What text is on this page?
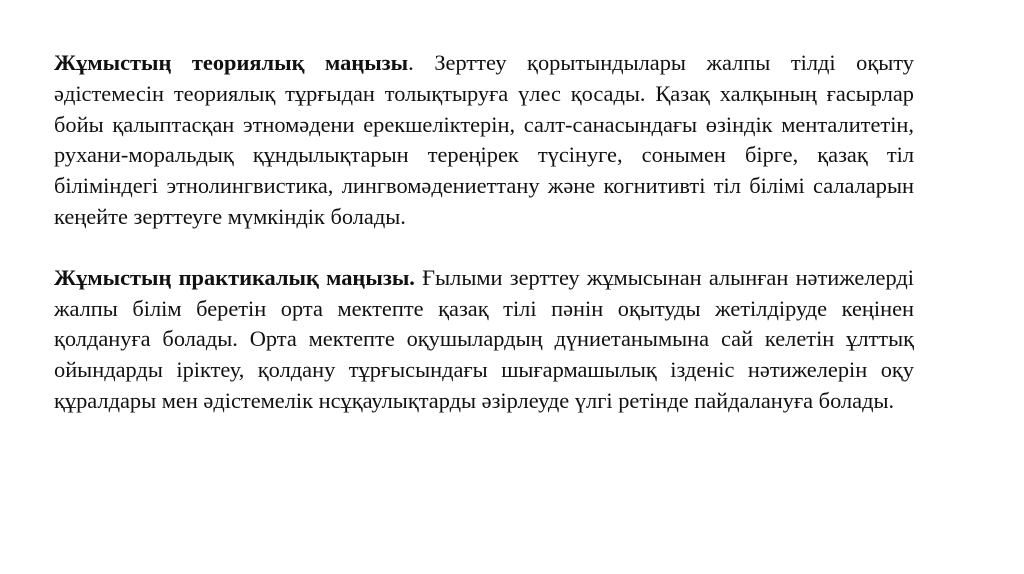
Жұмыстың теориялық маңызы. Зерттеу қорытындылары жалпы тілді оқыту әдістемесін теориялық тұрғыдан толықтыруға үлес қосады. Қазақ халқының ғасырлар бойы қалыптасқан этномәдени ерекшеліктерін, салт-санасындағы өзіндік менталитетін, рухани-моральдық құндылықтарын тереңірек түсінуге, сонымен бірге, қазақ тіл біліміндегі этнолингвистика, лингвомәдениеттану және когнитивті тіл білімі салаларын кеңейте зерттеуге мүмкіндік болады.

Жұмыстың практикалық маңызы. Ғылыми зерттеу жұмысынан алынған нәтижелерді жалпы білім беретін орта мектепте қазақ тілі пәнін оқытуды жетілдіруде кеңінен қолдануға болады. Орта мектепте оқушылардың дүниетанымына сай келетін ұлттық ойындарды іріктеу, қолдану тұрғысындағы шығармашылық ізденіс нәтижелерін оқу құралдары мен әдістемелік нсұқаулықтарды әзірлеуде үлгі ретінде пайдалануға болады.
